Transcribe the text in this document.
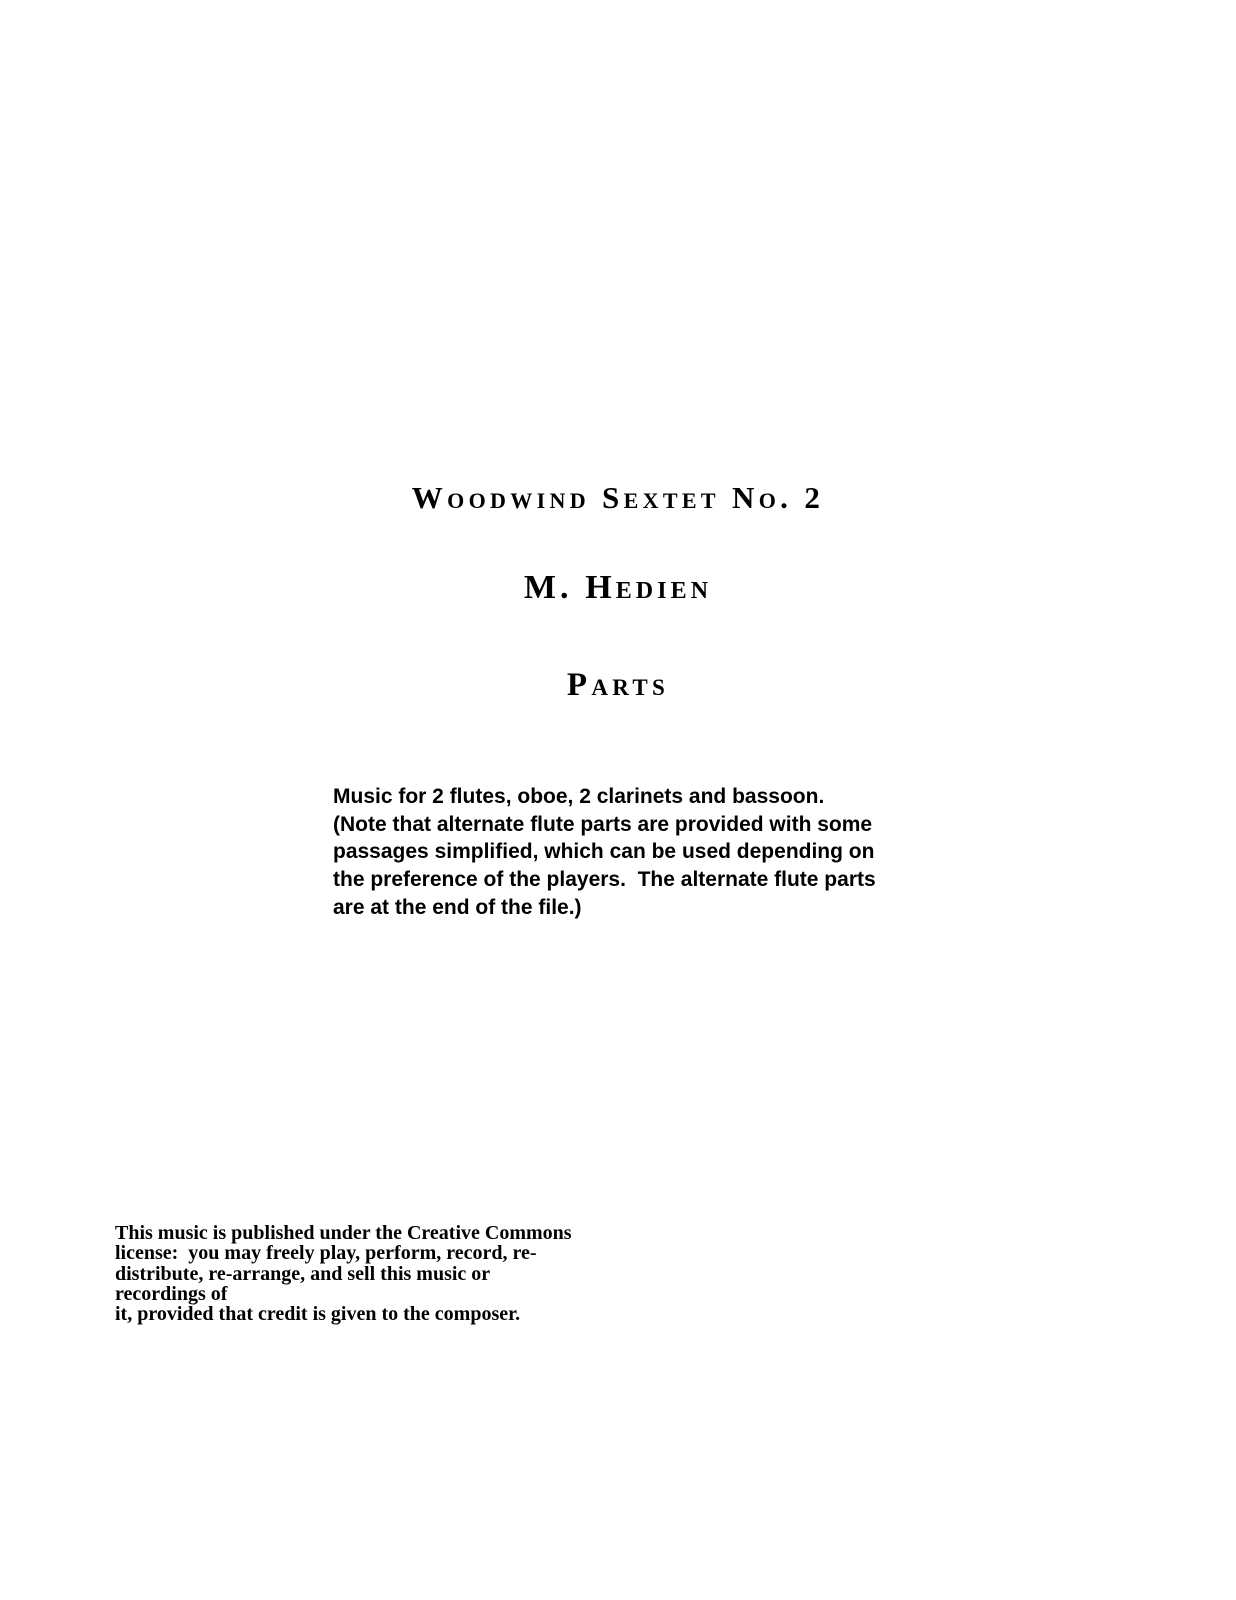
Woodwind Sextet No. 2
M. Hedien
Parts
Music for 2 flutes, oboe, 2 clarinets and bassoon.
(Note that alternate flute parts are provided with some
passages simplified, which can be used depending on
the preference of the players.  The alternate flute parts
are at the end of the file.)
This music is published under the Creative Commons
license:  you may freely play, perform, record, re-
distribute, re-arrange, and sell this music or recordings of
it, provided that credit is given to the composer.
